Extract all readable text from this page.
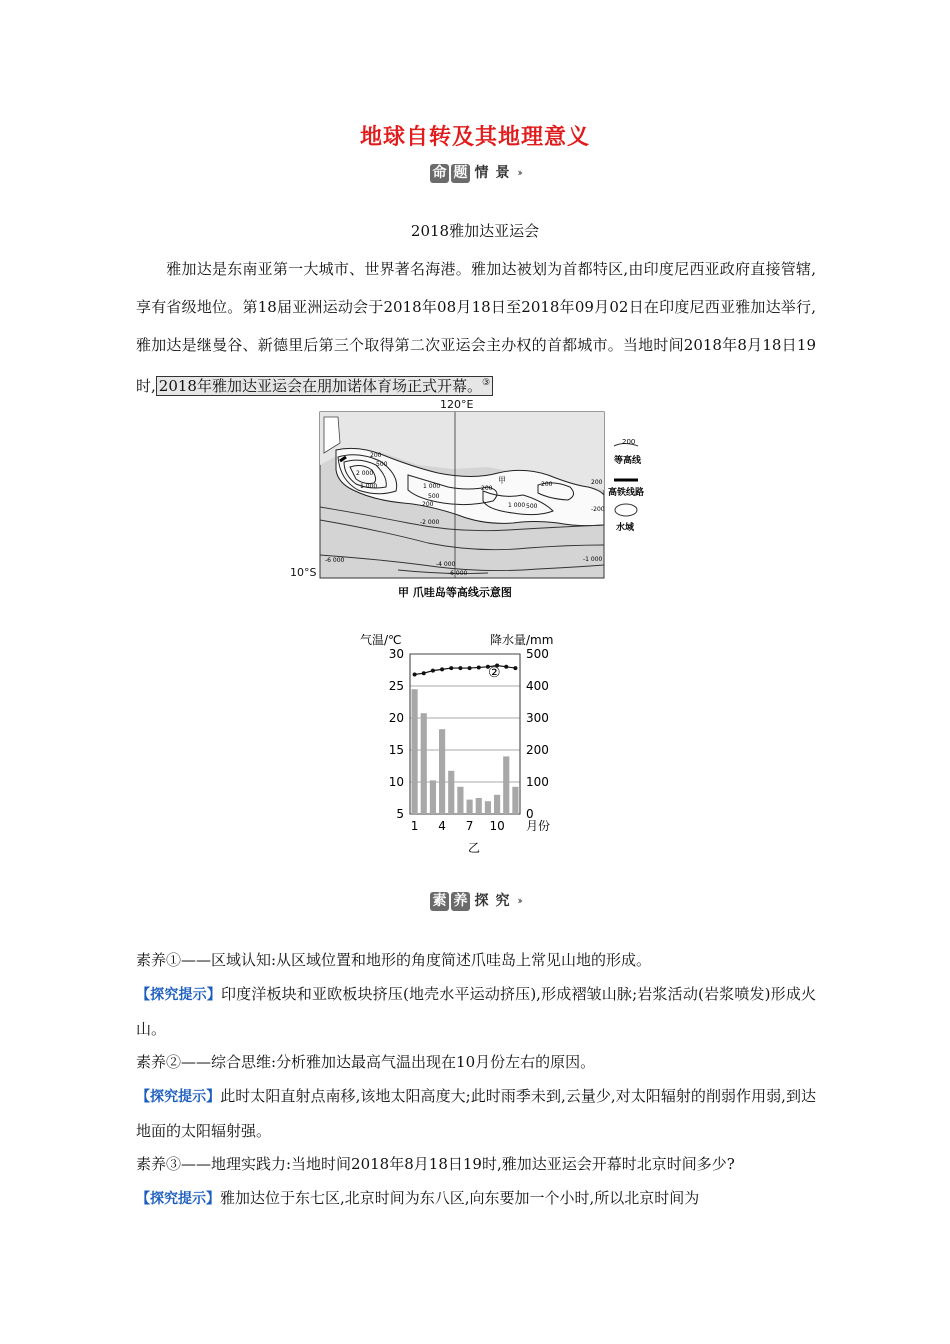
地球自转及其地理意义
命 题 情 景 ›››
2018雅加达亚运会
雅加达是东南亚第一大城市、世界著名海港。雅加达被划为首都特区,由印度尼西亚政府直接管辖,享有省级地位。第18届亚洲运动会于2018年08月18日至2018年09月02日在印度尼西亚雅加达举行,雅加达是继曼谷、新德里后第三个取得第二次亚运会主办权的首都城市。当地时间2018年8月18日19时, 2018年雅加达亚运会在朋加诺体育场正式开幕。③
120°E
10°S
甲
200
500
2 000
1 000	1 000
500
200
200
500
200
1 000
200
-200
-2 000
-6 000
-4 000
-6 000
-1 000
200
等高线
高铁线路
水域
甲 爪哇岛等高线示意图
气温/℃	降水量/mm
30
25
20
15
10
5
500
400
300
200
100
0
1 4 7 10
②
月份
乙
素 养 探 究 ›››
素养①——区域认知:从区域位置和地形的角度简述爪哇岛上常见山地的形成。
【探究提示】印度洋板块和亚欧板块挤压(地壳水平运动挤压),形成褶皱山脉;岩浆活动(岩浆喷发)形成火山。
素养②——综合思维:分析雅加达最高气温出现在10月份左右的原因。
【探究提示】此时太阳直射点南移,该地太阳高度大;此时雨季未到,云量少,对太阳辐射的削弱作用弱,到达地面的太阳辐射强。
素养③——地理实践力:当地时间2018年8月18日19时,雅加达亚运会开幕时北京时间多少?
【探究提示】雅加达位于东七区,北京时间为东八区,向东要加一个小时,所以北京时间为
